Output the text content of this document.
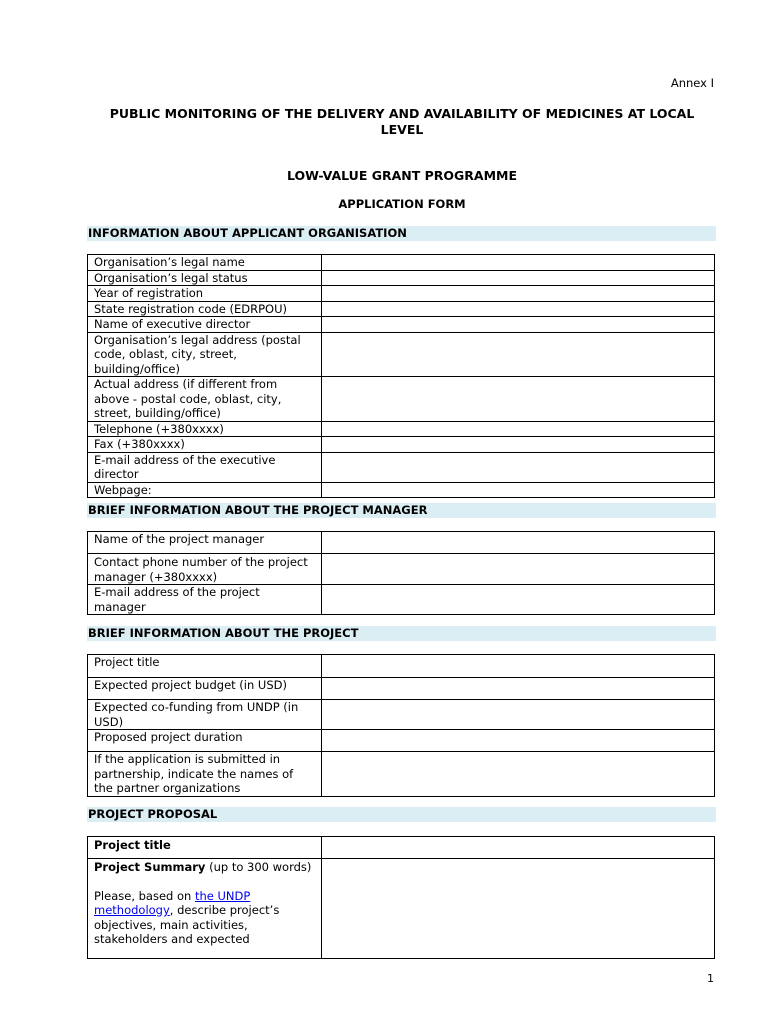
Annex I
PUBLIC MONITORING OF THE DELIVERY AND AVAILABILITY OF MEDICINES AT LOCAL LEVEL
LOW-VALUE GRANT PROGRAMME
APPLICATION FORM
INFORMATION ABOUT APPLICANT ORGANISATION
Organisation’s legal name	
Organisation’s legal status	
Year of registration	
State registration code (EDRPOU)	
Name of executive director	
Organisation’s legal address (postal code, oblast, city, street, building/office)	
Actual address (if different from above - postal code, oblast, city, street, building/office)	
Telephone (+380xxxx)	
Fax (+380xxxx)	
E-mail address of the executive director	
Webpage:	
BRIEF INFORMATION ABOUT THE PROJECT MANAGER
Name of the project manager	
Contact phone number of the project manager (+380xxxx)	
E-mail address of the project manager	
BRIEF INFORMATION ABOUT THE PROJECT
Project title	
Expected project budget (in USD)	
Expected co-funding from UNDP (in USD)	
Proposed project duration	
If the application is submitted in partnership, indicate the names of the partner organizations	
PROJECT PROPOSAL
Project title	

Project Summary (up to 300 words)
Please, based on the UNDP methodology, describe project’s objectives, main activities, stakeholders and expected	

1
